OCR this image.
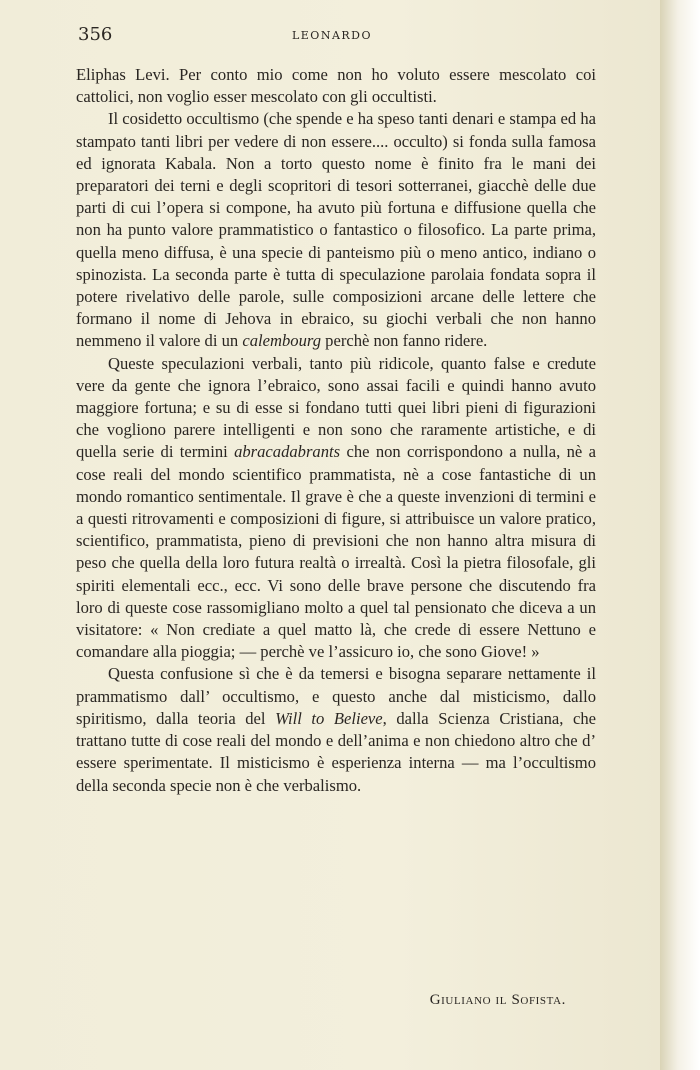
356	LEONARDO

Eliphas Levi. Per conto mio come non ho voluto essere mescolato coi cattolici, non voglio esser mescolato con gli occultisti.

Il cosidetto occultismo (che spende e ha speso tanti denari e stampa ed ha stampato tanti libri per vedere di non essere.... occulto) si fonda sulla famosa ed ignorata Kabala. Non a torto questo nome è finito fra le mani dei preparatori dei terni e degli scopritori di tesori sotterranei, giacchè delle due parti di cui l’opera si compone, ha avuto più fortuna e diffusione quella che non ha punto valore prammatistico o fantastico o filosofico. La parte prima, quella meno diffusa, è una specie di panteismo più o meno antico, indiano o spinozista. La seconda parte è tutta di speculazione parolaia fondata sopra il potere rivelativo delle parole, sulle composizioni arcane delle lettere che formano il nome di Jehova in ebraico, su giochi verbali che non hanno nemmeno il valore di un calembourg perchè non fanno ridere.

Queste speculazioni verbali, tanto più ridicole, quanto false e credute vere da gente che ignora l’ebraico, sono assai facili e quindi hanno avuto maggiore fortuna; e su di esse si fondano tutti quei libri pieni di figurazioni che vogliono parere intelligenti e non sono che raramente artistiche, e di quella serie di termini abracadabrants che non corrispondono a nulla, nè a cose reali del mondo scientifico prammatista, nè a cose fantastiche di un mondo romantico sentimentale. Il grave è che a queste invenzioni di termini e a questi ritrovamenti e composizioni di figure, si attribuisce un valore pratico, scientifico, prammatista, pieno di previsioni che non hanno altra misura di peso che quella della loro futura realtà o irrealtà. Così la pietra filosofale, gli spiriti elementali ecc., ecc. Vi sono delle brave persone che discutendo fra loro di queste cose rassomigliano molto a quel tal pensionato che diceva a un visitatore: « Non crediate a quel matto là, che crede di essere Nettuno e comandare alla pioggia; — perchè ve l’assicuro io, che sono Giove! »

Questa confusione sì che è da temersi e bisogna separare nettamente il prammatismo dall’ occultismo, e questo anche dal misticismo, dallo spiritismo, dalla teoria del Will to Believe, dalla Scienza Cristiana, che trattano tutte di cose reali del mondo e dell’anima e non chiedono altro che d’ essere sperimentate. Il misticismo è esperienza interna — ma l’occultismo della seconda specie non è che verbalismo.

Giuliano il Sofista.
